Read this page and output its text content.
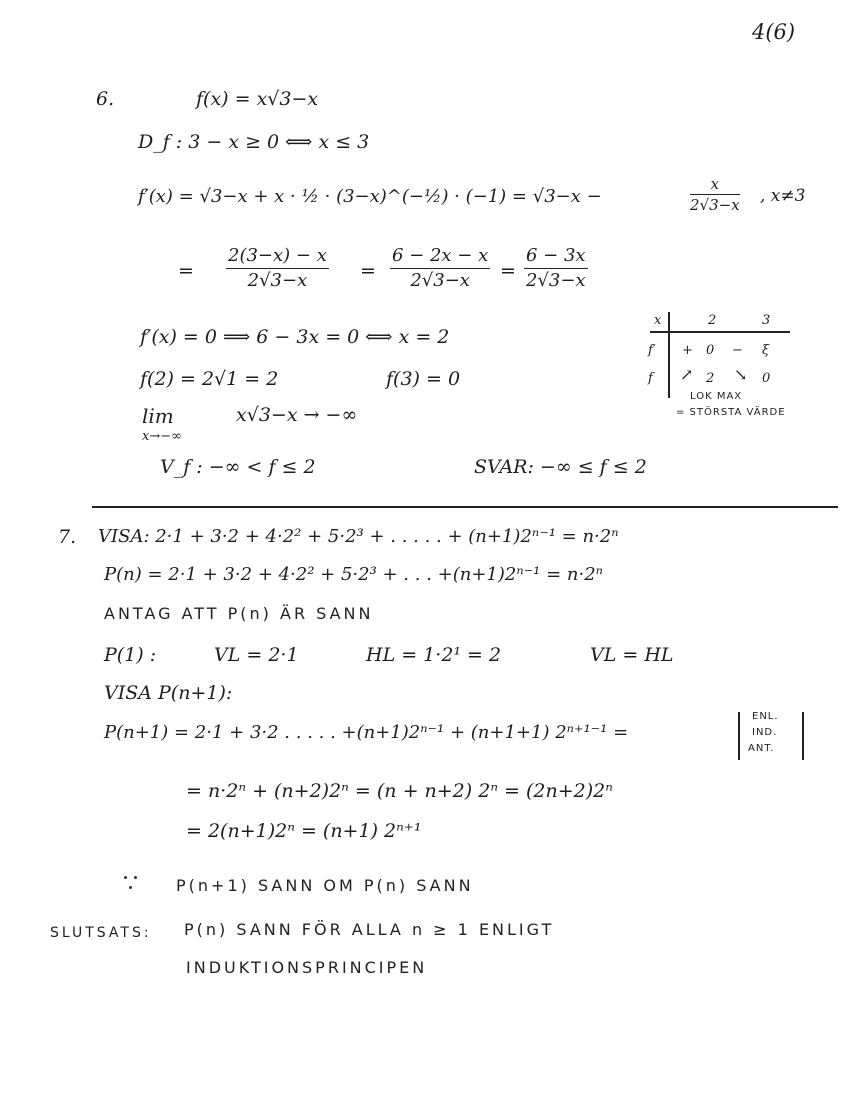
4(6)
6.	f(x) = x√3−x
D_f : 3 − x ≥ 0 ⟺ x ≤ 3
f′(x) = √3−x + x · ½ · (3−x)^(−½) · (−1) = √3−x −	$\frac{x}{2√3-x}$ , x≠3
= $\frac{2(3-x) - x}{2√3-x} = \frac{6 - 2x - x}{2√3-x} = \frac{6 - 3x}{2√3-x}$
f′(x) = 0 ⟹ 6 − 3x = 0 ⟺ x = 2
f(2) = 2√1 = 2	f(3) = 0
lim	x√3−x → −∞
x→−∞
V_f : −∞ < f ≤ 2	SVAR: −∞ ≤ f ≤ 2
x	2	3
f′ + 0 − ξ
f ↗ 2 ↘ 0
LOK MAX
= STÖRSTA VÄRDE
7. VISA: 2·1 + 3·2 + 4·2² + 5·2³ + . . . . . + (n+1)2ⁿ⁻¹ = n·2ⁿ
P(n) = 2·1 + 3·2 + 4·2² + 5·2³ + . . . +(n+1)2ⁿ⁻¹ = n·2ⁿ
ANTAG ATT P(n) ÄR SANN
P(1) :	VL = 2·1	HL = 1·2¹ = 2	VL = HL
VISA P(n+1):
P(n+1) = 2·1 + 3·2 . . . . . +(n+1)2ⁿ⁻¹ + (n+1+1) 2ⁿ⁺¹⁻¹ =
ENL.
IND.
ANT.
= n·2ⁿ + (n+2)2ⁿ = (n + n+2) 2ⁿ = (2n+2)2ⁿ
= 2(n+1)2ⁿ = (n+1) 2ⁿ⁺¹
P(n+1) SANN OM P(n) SANN
SLUTSATS: P(n) SANN FÖR ALLA n ≥ 1 ENLIGT
INDUKTIONSPRINCIPEN
